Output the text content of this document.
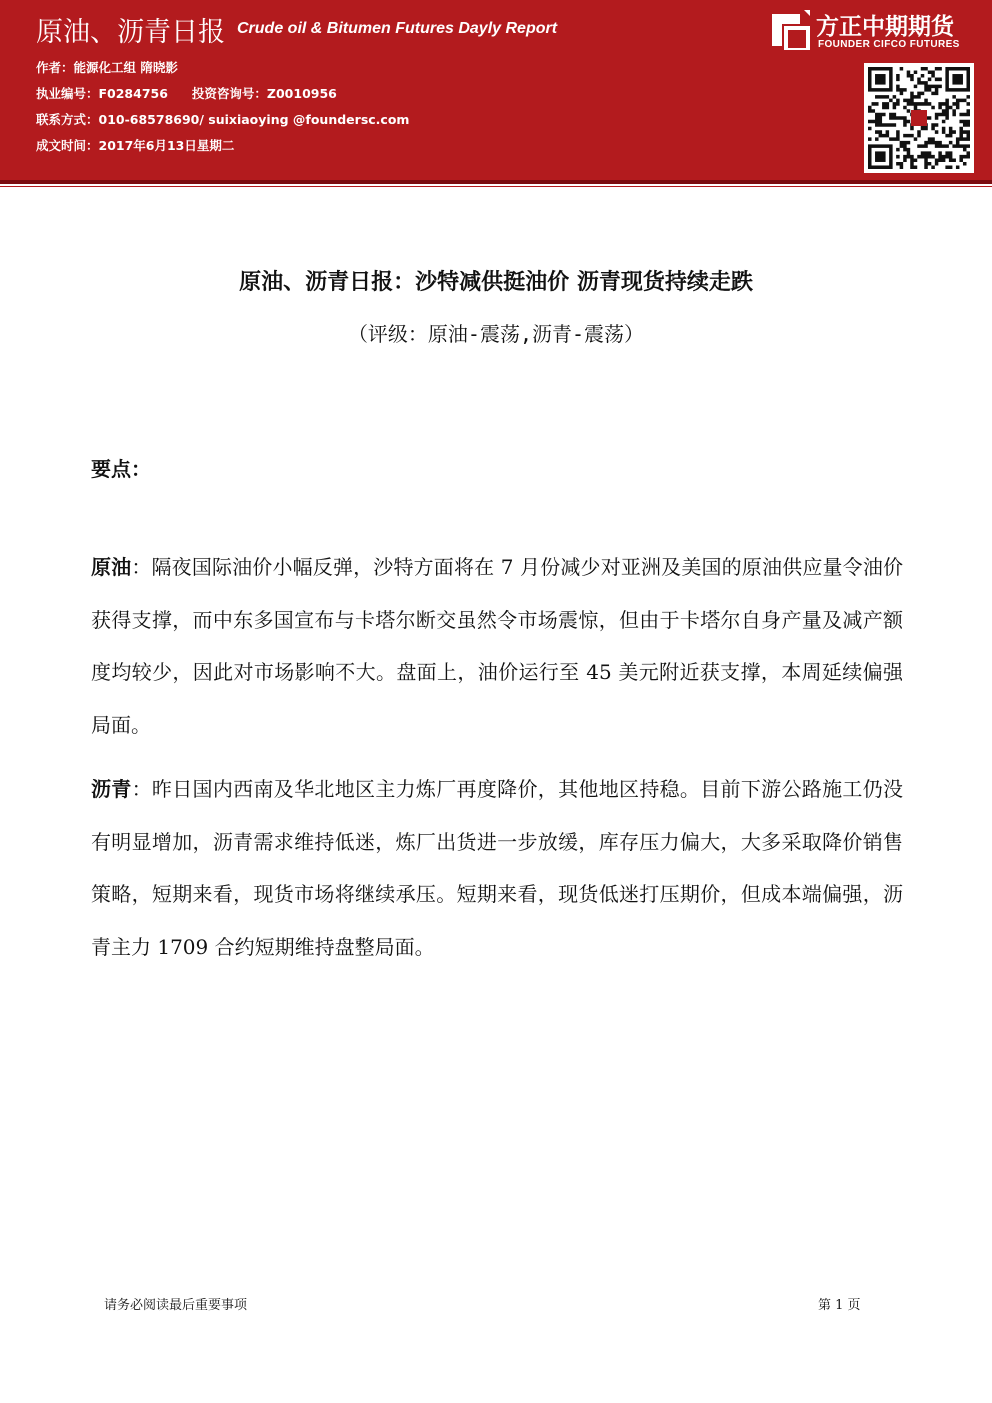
原油、沥青日报 Crude oil & Bitumen Futures Dayly Report
作者：能源化工组 隋晓影
执业编号：F0284756 投资咨询号：Z0010956
联系方式：010-68578690/ suixiaoying @foundersc.com
成文时间：2017年6月13日星期二
方正中期期货
FOUNDER CIFCO FUTURES
原油、沥青日报：沙特减供挺油价 沥青现货持续走跌
（评级：原油-震荡,沥青-震荡）
要点：

原油：隔夜国际油价小幅反弹，沙特方面将在 7 月份减少对亚洲及美国的原油供应量令油价获得支撑，而中东多国宣布与卡塔尔断交虽然令市场震惊，但由于卡塔尔自身产量及减产额度均较少，因此对市场影响不大。盘面上，油价运行至 45 美元附近获支撑，本周延续偏强局面。

沥青：昨日国内西南及华北地区主力炼厂再度降价，其他地区持稳。目前下游公路施工仍没有明显增加，沥青需求维持低迷，炼厂出货进一步放缓，库存压力偏大，大多采取降价销售策略，短期来看，现货市场将继续承压。短期来看，现货低迷打压期价，但成本端偏强，沥青主力 1709 合约短期维持盘整局面。

请务必阅读最后重要事项	第 1 页
